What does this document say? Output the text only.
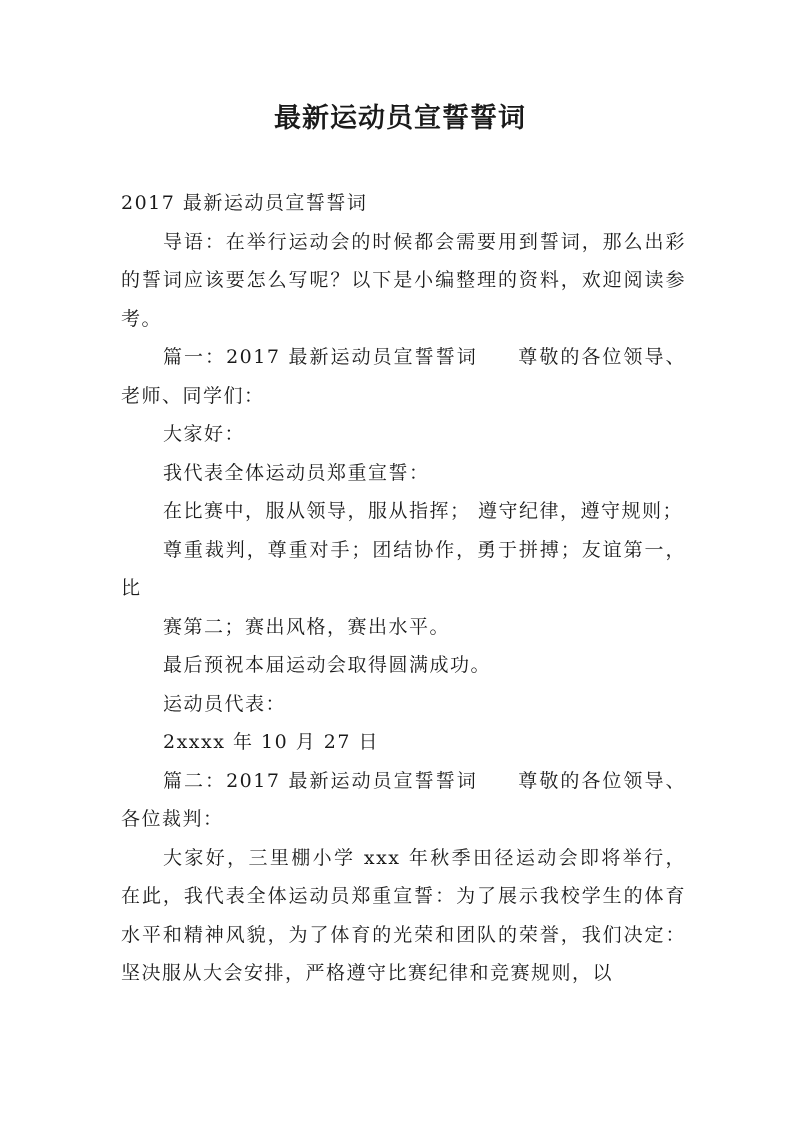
最新运动员宣誓誓词

2017 最新运动员宣誓誓词

导语：在举行运动会的时候都会需要用到誓词，那么出彩的誓词应该要怎么写呢？以下是小编整理的资料，欢迎阅读参考。

篇一：2017 最新运动员宣誓誓词 尊敬的各位领导、老师、同学们：

大家好：

我代表全体运动员郑重宣誓：

在比赛中，服从领导，服从指挥； 遵守纪律，遵守规则；

尊重裁判，尊重对手；团结协作，勇于拼搏；友谊第一，比

赛第二；赛出风格，赛出水平。

最后预祝本届运动会取得圆满成功。

运动员代表：

2xxxx 年 10 月 27 日

篇二：2017 最新运动员宣誓誓词 尊敬的各位领导、各位裁判：

大家好，三里棚小学 xxx 年秋季田径运动会即将举行，在此，我代表全体运动员郑重宣誓：为了展示我校学生的体育水平和精神风貌，为了体育的光荣和团队的荣誉，我们决定：坚决服从大会安排，严格遵守比赛纪律和竞赛规则，以
